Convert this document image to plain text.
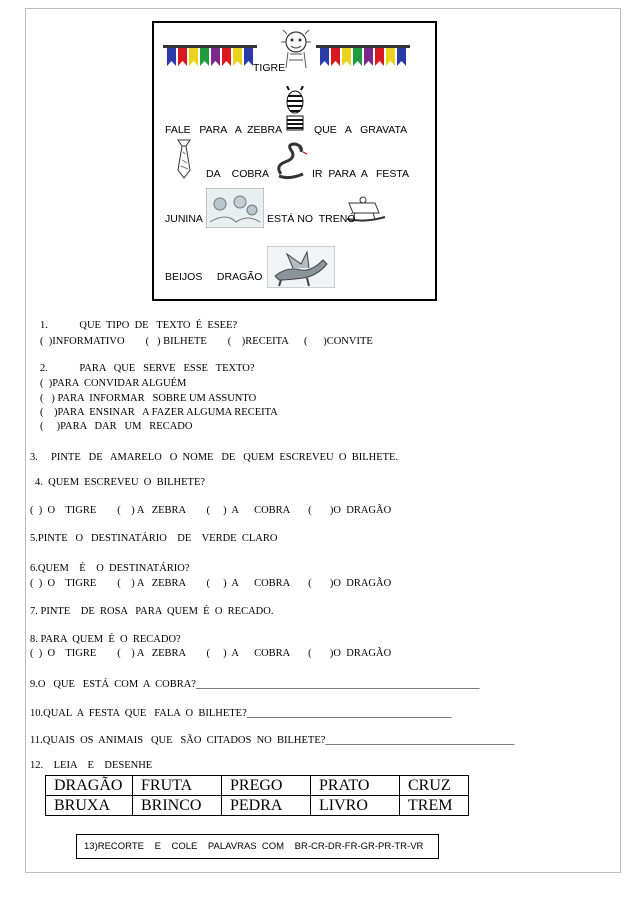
TIGRE
FALE   PARA   A  ZEBRA	QUE   A   GRAVATA
DA    COBRA	IR  PARA  A   FESTA
JUNINA	ESTÁ NO  TRENÓ
BEIJOS     DRAGÃO
1.            QUE  TIPO  DE   TEXTO  É  ESEE?
(  )INFORMATIVO        (   ) BILHETE        (    )RECEITA      (      )CONVITE
2.            PARA   QUE   SERVE   ESSE   TEXTO?
(  )PARA  CONVIDAR ALGUÉM
(   ) PARA  INFORMAR   SOBRE UM ASSUNTO
(    )PARA  ENSINAR   A FAZER ALGUMA RECEITA
(     )PARA   DAR   UM   RECADO
3.     PINTE   DE   AMARELO   O  NOME   DE   QUEM  ESCREVEU  O  BILHETE.
4.  QUEM  ESCREVEU  O  BILHETE?
(  )  O    TIGRE        (    ) A   ZEBRA        (     )  A      COBRA       (       )O  DRAGÃO
5.PINTE   O   DESTINATÁRIO    DE    VERDE  CLARO
6.QUEM    É    O  DESTINATÁRIO?
(  )  O    TIGRE        (    ) A   ZEBRA        (     )  A      COBRA       (       )O  DRAGÃO
7. PINTE    DE  ROSA   PARA  QUEM  É  O  RECADO.
8. PARA  QUEM  É  O  RECADO?
(  )  O    TIGRE        (    ) A   ZEBRA        (     )  A      COBRA       (       )O  DRAGÃO
9.O   QUE   ESTÁ  COM  A  COBRA?______________________________________________________
10.QUAL  A  FESTA  QUE   FALA  O  BILHETE?_______________________________________
11.QUAIS  OS  ANIMAIS   QUE   SÃO  CITADOS  NO  BILHETE?____________________________________
12.    LEIA    E    DESENHE
DRAGÃO	FRUTA	PREGO	PRATO	CRUZ
BRUXA	BRINCO	PEDRA	LIVRO	TREM
13)RECORTE    E    COLE    PALAVRAS  COM    BR-CR-DR-FR-GR-PR-TR-VR
